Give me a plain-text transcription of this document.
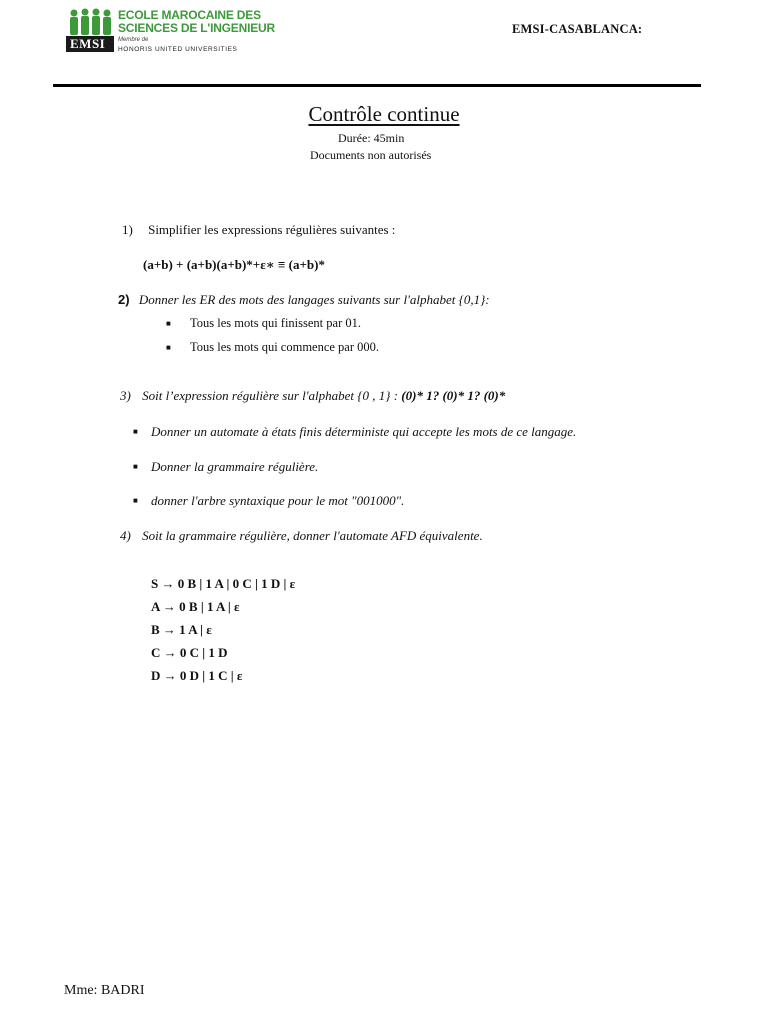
EMSI
ECOLE MAROCAINE DES
SCIENCES DE L'INGENIEUR
Membre de
HONORIS UNITED UNIVERSITIES
EMSI-CASABLANCA:
Contrôle continue
Durée: 45min
Documents non autorisés
1) Simplifier les expressions régulières suivantes :
(a+b) + (a+b)(a+b)*+ε∗ ≡ (a+b)*
2) Donner les ER des mots des langages suivants sur l'alphabet {0,1}:
■ Tous les mots qui finissent par 01.
■ Tous les mots qui commence par 000.
3) Soit l’expression régulière sur l'alphabet {0 , 1} : (0)* 1? (0)* 1? (0)*
■ Donner un automate à états finis déterministe qui accepte les mots de ce langage.
■ Donner la grammaire régulière.
■ donner l'arbre syntaxique pour le mot "001000".
4) Soit la grammaire régulière, donner l'automate AFD équivalente.
S → 0 B | 1 A | 0 C | 1 D | ε
A → 0 B | 1 A | ε
B → 1 A | ε
C → 0 C | 1 D
D → 0 D | 1 C | ε
Mme: BADRI
